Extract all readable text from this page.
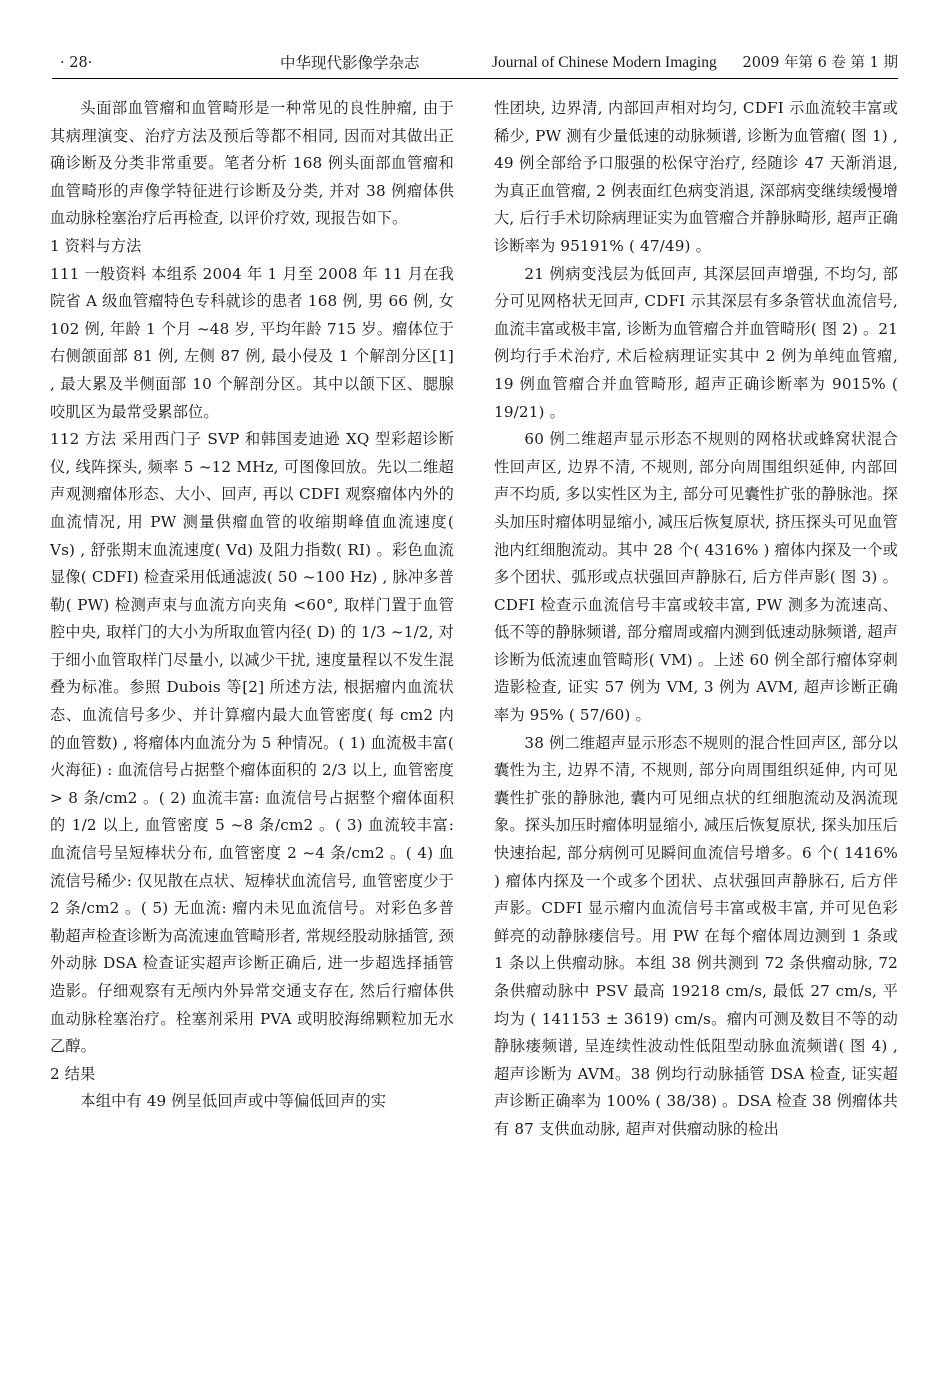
· 28·	中华现代影像学杂志	Journal of Chinese Modern Imaging 2009 年第 6 卷 第 1 期

头面部血管瘤和血管畸形是一种常见的良性肿瘤, 由于其病理演变、治疗方法及预后等都不相同, 因而对其做出正确诊断及分类非常重要。笔者分析 168 例头面部血管瘤和血管畸形的声像学特征进行诊断及分类, 并对 38 例瘤体供血动脉栓塞治疗后再检查, 以评价疗效, 现报告如下。

1 资料与方法

111 一般资料 本组系 2004 年 1 月至 2008 年 11 月在我院省 A 级血管瘤特色专科就诊的患者 168 例, 男 66 例, 女 102 例, 年龄 1 个月 ~48 岁, 平均年龄 715 岁。瘤体位于右侧颌面部 81 例, 左侧 87 例, 最小侵及 1 个解剖分区[1] , 最大累及半侧面部 10 个解剖分区。其中以颌下区、腮腺咬肌区为最常受累部位。

112 方法 采用西门子 SVP 和韩国麦迪逊 XQ 型彩超诊断仪, 线阵探头, 频率 5 ~12 MHz, 可图像回放。先以二维超声观测瘤体形态、大小、回声, 再以 CDFI 观察瘤体内外的血流情况, 用 PW 测量供瘤血管的收缩期峰值血流速度( Vs) , 舒张期末血流速度( Vd) 及阻力指数( RI) 。彩色血流显像( CDFI) 检查采用低通滤波( 50 ~100 Hz) , 脉冲多普勒( PW) 检测声束与血流方向夹角 <60°, 取样门置于血管腔中央, 取样门的大小为所取血管内径( D) 的 1/3 ~1/2, 对于细小血管取样门尽量小, 以减少干扰, 速度量程以不发生混叠为标准。参照 Dubois 等[2] 所述方法, 根据瘤内血流状态、血流信号多少、并计算瘤内最大血管密度( 每 cm2 内的血管数) , 将瘤体内血流分为 5 种情况。( 1) 血流极丰富( 火海征) : 血流信号占据整个瘤体面积的 2/3 以上, 血管密度 > 8 条/cm2 。( 2) 血流丰富: 血流信号占据整个瘤体面积的 1/2 以上, 血管密度 5 ~8 条/cm2 。( 3) 血流较丰富: 血流信号呈短棒状分布, 血管密度 2 ~4 条/cm2 。( 4) 血流信号稀少: 仅见散在点状、短棒状血流信号, 血管密度少于 2 条/cm2 。( 5) 无血流: 瘤内未见血流信号。对彩色多普勒超声检查诊断为高流速血管畸形者, 常规经股动脉插管, 颈外动脉 DSA 检查证实超声诊断正确后, 进一步超选择插管造影。仔细观察有无颅内外异常交通支存在, 然后行瘤体供血动脉栓塞治疗。栓塞剂采用 PVA 或明胶海绵颗粒加无水乙醇。

2 结果

本组中有 49 例呈低回声或中等偏低回声的实

性团块, 边界清, 内部回声相对均匀, CDFI 示血流较丰富或稀少, PW 测有少量低速的动脉频谱, 诊断为血管瘤( 图 1) , 49 例全部给予口服强的松保守治疗, 经随诊 47 天渐消退, 为真正血管瘤, 2 例表面红色病变消退, 深部病变继续缓慢增大, 后行手术切除病理证实为血管瘤合并静脉畸形, 超声正确诊断率为 95191% ( 47/49) 。

21 例病变浅层为低回声, 其深层回声增强, 不均匀, 部分可见网格状无回声, CDFI 示其深层有多条管状血流信号, 血流丰富或极丰富, 诊断为血管瘤合并血管畸形( 图 2) 。21 例均行手术治疗, 术后检病理证实其中 2 例为单纯血管瘤, 19 例血管瘤合并血管畸形, 超声正确诊断率为 9015% ( 19/21) 。

60 例二维超声显示形态不规则的网格状或蜂窝状混合性回声区, 边界不清, 不规则, 部分向周围组织延伸, 内部回声不均质, 多以实性区为主, 部分可见囊性扩张的静脉池。探头加压时瘤体明显缩小, 减压后恢复原状, 挤压探头可见血管池内红细胞流动。其中 28 个( 4316% ) 瘤体内探及一个或多个团状、弧形或点状强回声静脉石, 后方伴声影( 图 3) 。CDFI 检查示血流信号丰富或较丰富, PW 测多为流速高、低不等的静脉频谱, 部分瘤周或瘤内测到低速动脉频谱, 超声诊断为低流速血管畸形( VM) 。上述 60 例全部行瘤体穿刺造影检查, 证实 57 例为 VM, 3 例为 AVM, 超声诊断正确率为 95% ( 57/60) 。

38 例二维超声显示形态不规则的混合性回声区, 部分以囊性为主, 边界不清, 不规则, 部分向周围组织延伸, 内可见囊性扩张的静脉池, 囊内可见细点状的红细胞流动及涡流现象。探头加压时瘤体明显缩小, 减压后恢复原状, 探头加压后快速抬起, 部分病例可见瞬间血流信号增多。6 个( 1416% ) 瘤体内探及一个或多个团状、点状强回声静脉石, 后方伴声影。CDFI 显示瘤内血流信号丰富或极丰富, 并可见色彩鲜亮的动静脉瘘信号。用 PW 在每个瘤体周边测到 1 条或 1 条以上供瘤动脉。本组 38 例共测到 72 条供瘤动脉, 72 条供瘤动脉中 PSV 最高 19218 cm/s, 最低 27 cm/s, 平均为 ( 141153 ± 3619) cm/s。瘤内可测及数目不等的动静脉瘘频谱, 呈连续性波动性低阻型动脉血流频谱( 图 4) , 超声诊断为 AVM。38 例均行动脉插管 DSA 检查, 证实超声诊断正确率为 100% ( 38/38) 。DSA 检查 38 例瘤体共有 87 支供血动脉, 超声对供瘤动脉的检出
